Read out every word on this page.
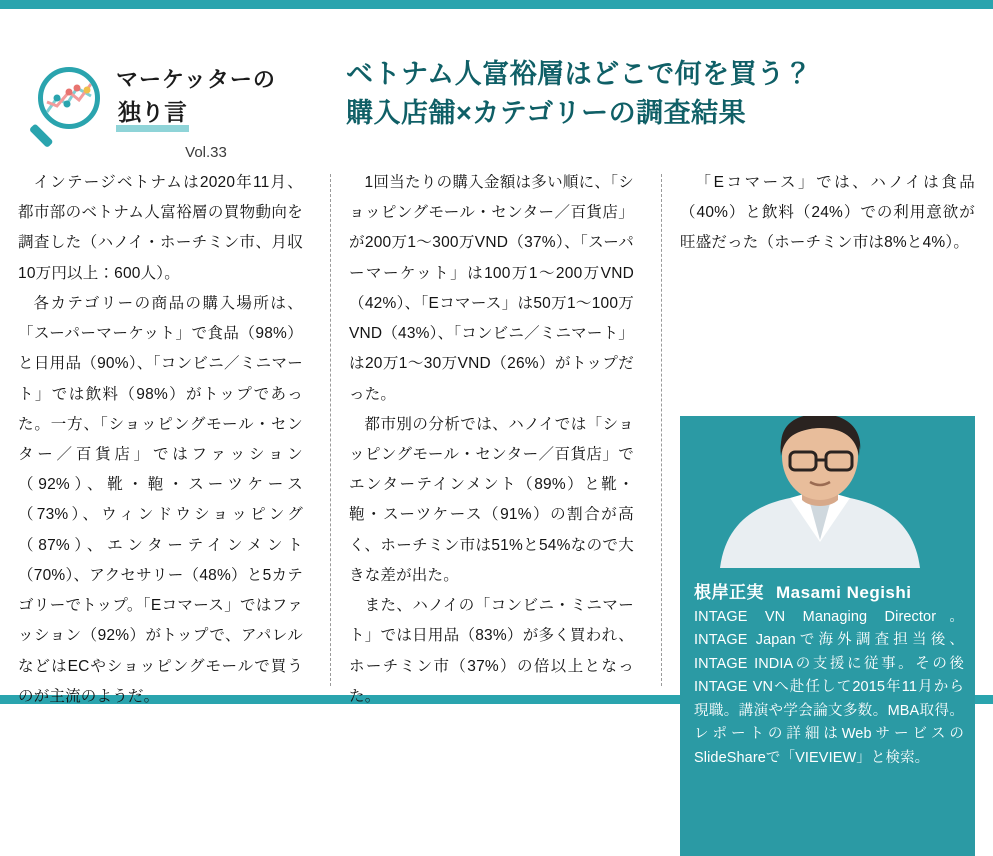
マーケッターの
独り言
Vol.33
ベトナム人富裕層はどこで何を買う？
購入店舗×カテゴリーの調査結果

インテージベトナムは2020年11月、都市部のベトナム人富裕層の買物動向を調査した（ハノイ・ホーチミン市、月収10万円以上：600人）。

各カテゴリーの商品の購入場所は、「スーパーマーケット」で食品（98%）と日用品（90%）、「コンビニ／ミニマート」では飲料（98%）がトップであった。一方、「ショッピングモール・センター／百貨店」ではファッション（92%）、靴・鞄・スーツケース（73%）、ウィンドウショッピング（87%）、エンターテインメント（70%）、アクセサリー（48%）と5カテゴリーでトップ。「Eコマース」ではファッション（92%）がトップで、アパレルなどはECやショッピングモールで買うのが主流のようだ。

1回当たりの購入金額は多い順に、「ショッピングモール・センター／百貨店」が200万1〜300万VND（37%）、「スーパーマーケット」は100万1〜200万VND（42%）、「Eコマース」は50万1〜100万VND（43%）、「コンビニ／ミニマート」は20万1〜30万VND（26%）がトップだった。

都市別の分析では、ハノイでは「ショッピングモール・センター／百貨店」でエンターテインメント（89%）と靴・鞄・スーツケース（91%）の割合が高く、ホーチミン市は51%と54%なので大きな差が出た。

また、ハノイの「コンビニ・ミニマート」では日用品（83%）が多く買われ、ホーチミン市（37%）の倍以上となった。

「Eコマース」では、ハノイは食品（40%）と飲料（24%）での利用意欲が旺盛だった（ホーチミン市は8%と4%）。

根岸正実 Masami Negishi
INTAGE VN Managing Director。INTAGE Japanで海外調査担当後、INTAGE INDIAの支援に従事。その後INTAGE VNへ赴任して2015年11月から現職。講演や学会論文多数。MBA取得。レポートの詳細はWebサービスのSlideShareで「VIEVIEW」と検索。
